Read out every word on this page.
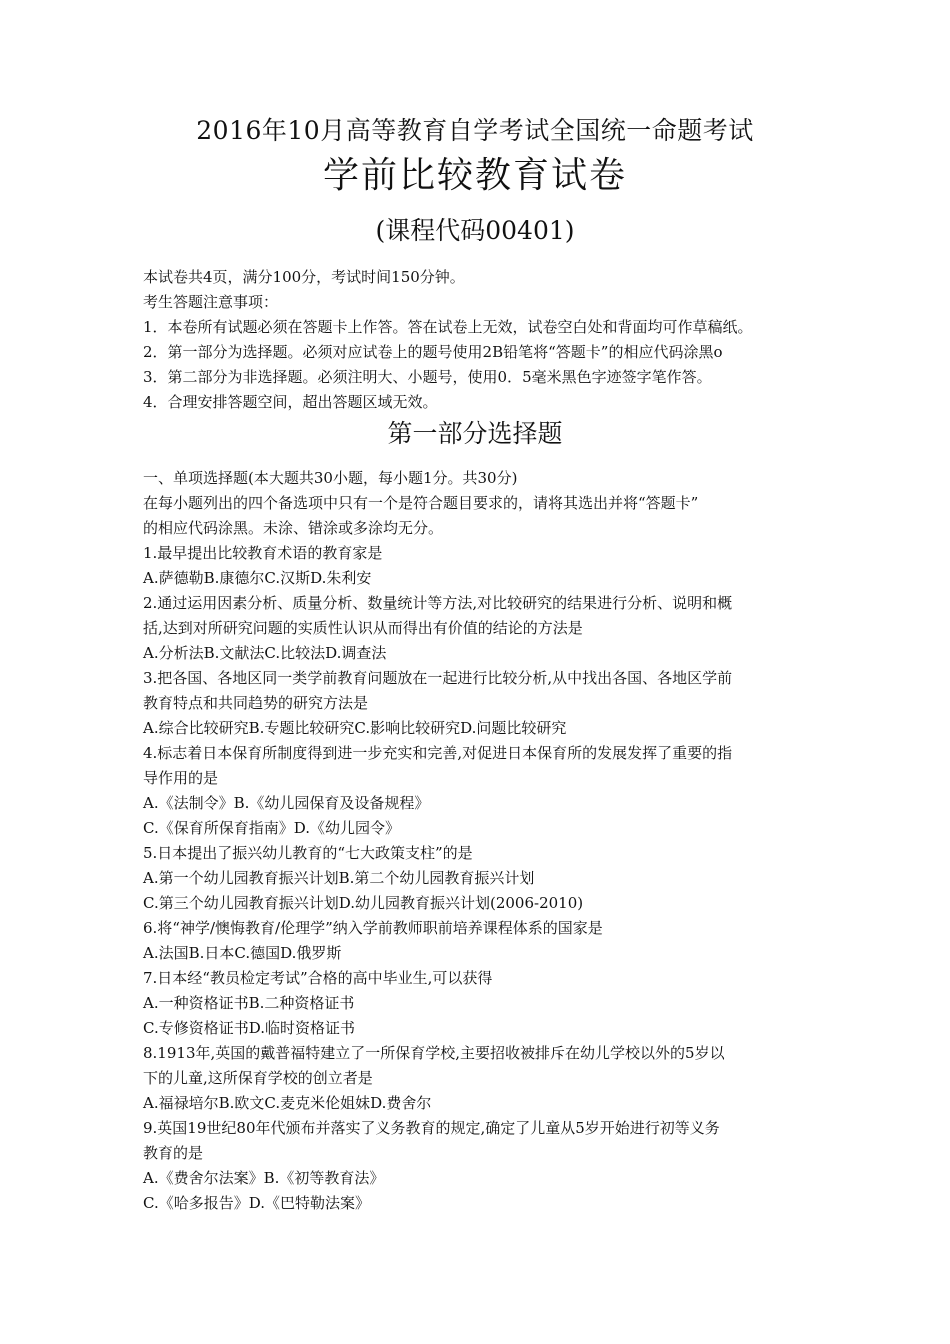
2016年10月高等教育自学考试全国统一命题考试
学前比较教育试卷
(课程代码00401)
本试卷共4页，满分100分，考试时间150分钟。
考生答题注意事项：
1．本卷所有试题必须在答题卡上作答。答在试卷上无效，试卷空白处和背面均可作草稿纸。
2．第一部分为选择题。必须对应试卷上的题号使用2B铅笔将“答题卡”的相应代码涂黑o
3．第二部分为非选择题。必须注明大、小题号，使用0．5毫米黑色字迹签字笔作答。
4．合理安排答题空间，超出答题区域无效。
第一部分选择题
一、单项选择题(本大题共30小题，每小题1分。共30分)
在每小题列出的四个备选项中只有一个是符合题目要求的，请将其选出并将“答题卡”
的相应代码涂黑。未涂、错涂或多涂均无分。
1.最早提出比较教育术语的教育家是
A.萨德勒B.康德尔C.汉斯D.朱利安
2.通过运用因素分析、质量分析、数量统计等方法,对比较研究的结果进行分析、说明和概
括,达到对所研究问题的实质性认识从而得出有价值的结论的方法是
A.分析法B.文献法C.比较法D.调查法
3.把各国、各地区同一类学前教育问题放在一起进行比较分析,从中找出各国、各地区学前
教育特点和共同趋势的研究方法是
A.综合比较研究B.专题比较研究C.影响比较研究D.问题比较研究
4.标志着日本保育所制度得到进一步充实和完善,对促进日本保育所的发展发挥了重要的指
导作用的是
A.《法制令》B.《幼儿园保育及设备规程》
C.《保育所保育指南》D.《幼儿园令》
5.日本提出了振兴幼儿教育的“七大政策支柱”的是
A.第一个幼儿园教育振兴计划B.第二个幼儿园教育振兴计划
C.第三个幼儿园教育振兴计划D.幼儿园教育振兴计划(2006-2010)
6.将“神学/懊悔教育/伦理学”纳入学前教师职前培养课程体系的国家是
A.法国B.日本C.德国D.俄罗斯
7.日本经“教员检定考试”合格的高中毕业生,可以获得
A.一种资格证书B.二种资格证书
C.专修资格证书D.临时资格证书
8.1913年,英国的戴普福特建立了一所保育学校,主要招收被排斥在幼儿学校以外的5岁以
下的儿童,这所保育学校的创立者是
A.福禄培尔B.欧文C.麦克米伦姐妹D.费舍尔
9.英国19世纪80年代颁布并落实了义务教育的规定,确定了儿童从5岁开始进行初等义务
教育的是
A.《费舍尔法案》B.《初等教育法》
C.《哈多报告》D.《巴特勒法案》
